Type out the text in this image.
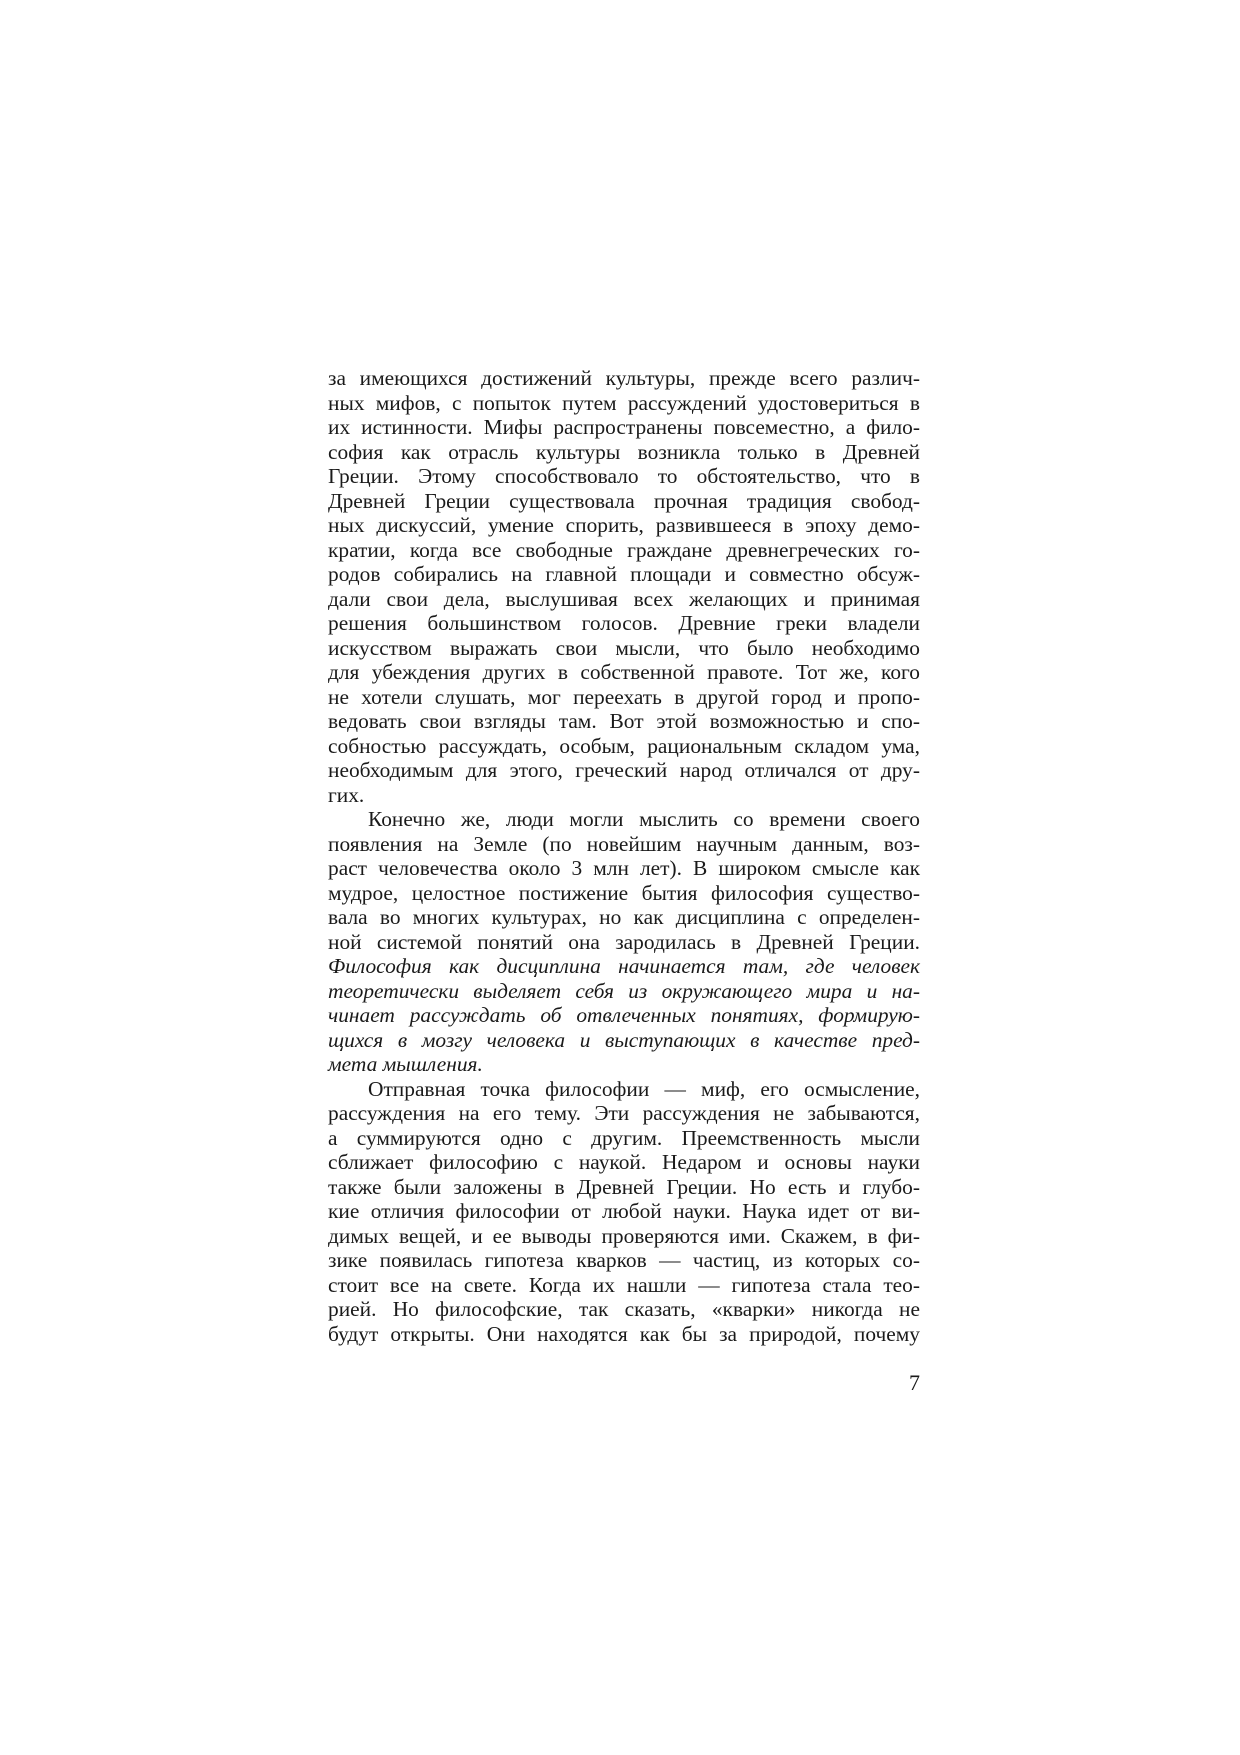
за имеющихся достижений культуры, прежде всего различ-
ных мифов, с попыток путем рассуждений удостовериться в
их истинности. Мифы распространены повсеместно, а фило-
софия как отрасль культуры возникла только в Древней
Греции. Этому способствовало то обстоятельство, что в
Древней Греции существовала прочная традиция свобод-
ных дискуссий, умение спорить, развившееся в эпоху демо-
кратии, когда все свободные граждане древнегреческих го-
родов собирались на главной площади и совместно обсуж-
дали свои дела, выслушивая всех желающих и принимая
решения большинством голосов. Древние греки владели
искусством выражать свои мысли, что было необходимо
для убеждения других в собственной правоте. Тот же, кого
не хотели слушать, мог переехать в другой город и пропо-
ведовать свои взгляды там. Вот этой возможностью и спо-
собностью рассуждать, особым, рациональным складом ума,
необходимым для этого, греческий народ отличался от дру-
гих.
Конечно же, люди могли мыслить со времени своего
появления на Земле (по новейшим научным данным, воз-
раст человечества около 3 млн лет). В широком смысле как
мудрое, целостное постижение бытия философия существо-
вала во многих культурах, но как дисциплина с определен-
ной системой понятий она зародилась в Древней Греции.
Философия как дисциплина начинается там, где человек
теоретически выделяет себя из окружающего мира и на-
чинает рассуждать об отвлеченных понятиях, формирую-
щихся в мозгу человека и выступающих в качестве пред-
мета мышления.
Отправная точка философии — миф, его осмысление,
рассуждения на его тему. Эти рассуждения не забываются,
а суммируются одно с другим. Преемственность мысли
сближает философию с наукой. Недаром и основы науки
также были заложены в Древней Греции. Но есть и глубо-
кие отличия философии от любой науки. Наука идет от ви-
димых вещей, и ее выводы проверяются ими. Скажем, в фи-
зике появилась гипотеза кварков — частиц, из которых со-
стоит все на свете. Когда их нашли — гипотеза стала тео-
рией. Но философские, так сказать, «кварки» никогда не
будут открыты. Они находятся как бы за природой, почему
7
